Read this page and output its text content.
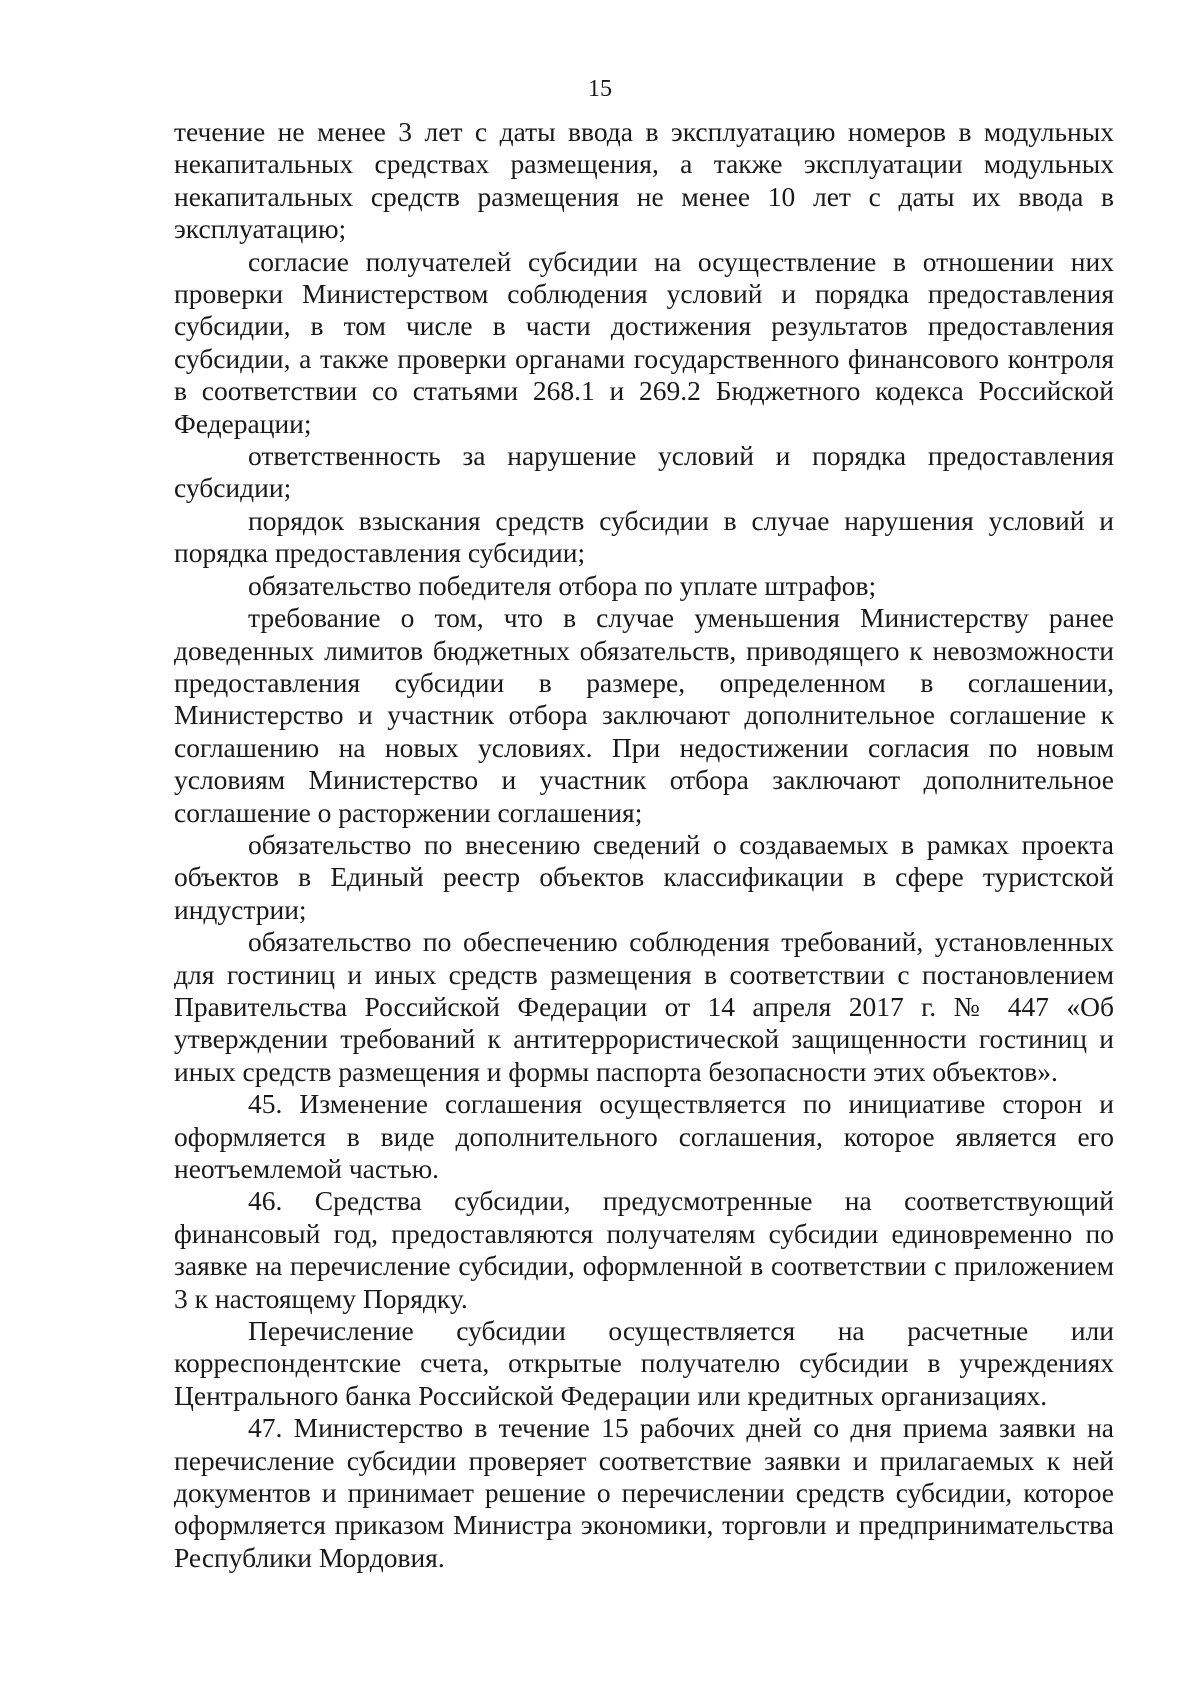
15

течение не менее 3 лет с даты ввода в эксплуатацию номеров в модульных некапитальных средствах размещения, а также эксплуатации модульных некапитальных средств размещения не менее 10 лет с даты их ввода в эксплуатацию;

согласие получателей субсидии на осуществление в отношении них проверки Министерством соблюдения условий и порядка предоставления субсидии, в том числе в части достижения результатов предоставления субсидии, а также проверки органами государственного финансового контроля в соответствии со статьями 268.1 и 269.2 Бюджетного кодекса Российской Федерации;

ответственность за нарушение условий и порядка предоставления субсидии;

порядок взыскания средств субсидии в случае нарушения условий и порядка предоставления субсидии;

обязательство победителя отбора по уплате штрафов;

требование о том, что в случае уменьшения Министерству ранее доведенных лимитов бюджетных обязательств, приводящего к невозможности предоставления субсидии в размере, определенном в соглашении, Министерство и участник отбора заключают дополнительное соглашение к соглашению на новых условиях. При недостижении согласия по новым условиям Министерство и участник отбора заключают дополнительное соглашение о расторжении соглашения;

обязательство по внесению сведений о создаваемых в рамках проекта объектов в Единый реестр объектов классификации в сфере туристской индустрии;

обязательство по обеспечению соблюдения требований, установленных для гостиниц и иных средств размещения в соответствии с постановлением Правительства Российской Федерации от 14 апреля 2017 г. № 447 «Об утверждении требований к антитеррористической защищенности гостиниц и иных средств размещения и формы паспорта безопасности этих объектов».

45. Изменение соглашения осуществляется по инициативе сторон и оформляется в виде дополнительного соглашения, которое является его неотъемлемой частью.

46. Средства субсидии, предусмотренные на соответствующий финансовый год, предоставляются получателям субсидии единовременно по заявке на перечисление субсидии, оформленной в соответствии с приложением 3 к настоящему Порядку.

Перечисление субсидии осуществляется на расчетные или корреспондентские счета, открытые получателю субсидии в учреждениях Центрального банка Российской Федерации или кредитных организациях.

47. Министерство в течение 15 рабочих дней со дня приема заявки на перечисление субсидии проверяет соответствие заявки и прилагаемых к ней документов и принимает решение о перечислении средств субсидии, которое оформляется приказом Министра экономики, торговли и предпринимательства Республики Мордовия.
